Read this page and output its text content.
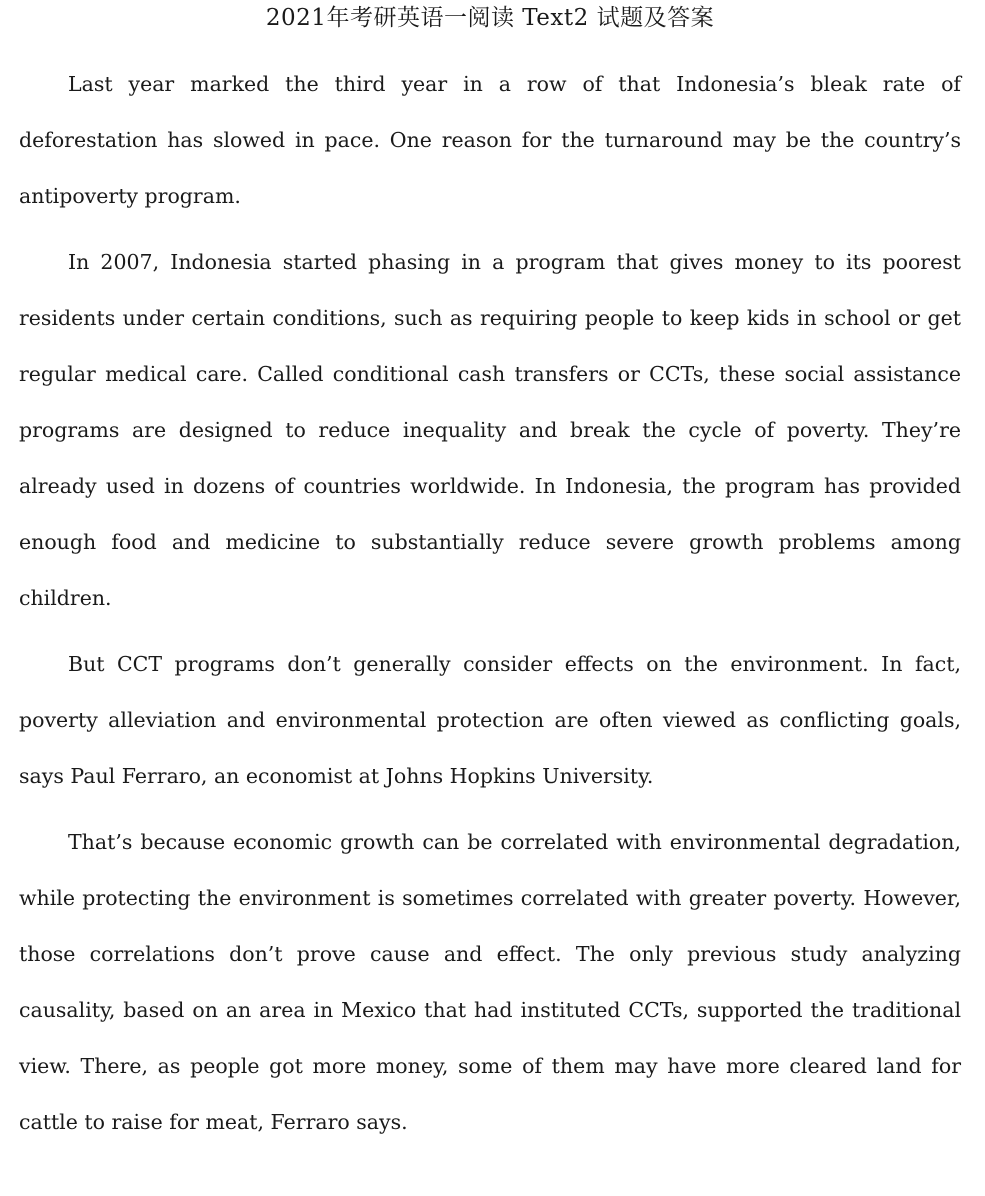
2021年考研英语一阅读 Text2 试题及答案

Last year marked the third year in a row of that Indonesia’s bleak rate of deforestation has slowed in pace. One reason for the turnaround may be the country’s antipoverty program.

In 2007, Indonesia started phasing in a program that gives money to its poorest residents under certain conditions, such as requiring people to keep kids in school or get regular medical care. Called conditional cash transfers or CCTs, these social assistance programs are designed to reduce inequality and break the cycle of poverty. They’re already used in dozens of countries worldwide. In Indonesia, the program has provided enough food and medicine to substantially reduce severe growth problems among children.

But CCT programs don’t generally consider effects on the environment. In fact, poverty alleviation and environmental protection are often viewed as conflicting goals, says Paul Ferraro, an economist at Johns Hopkins University.

That’s because economic growth can be correlated with environmental degradation, while protecting the environment is sometimes correlated with greater poverty. However, those correlations don’t prove cause and effect. The only previous study analyzing causality, based on an area in Mexico that had instituted CCTs, supported the traditional view. There, as people got more money, some of them may have more cleared land for cattle to raise for meat, Ferraro says.
